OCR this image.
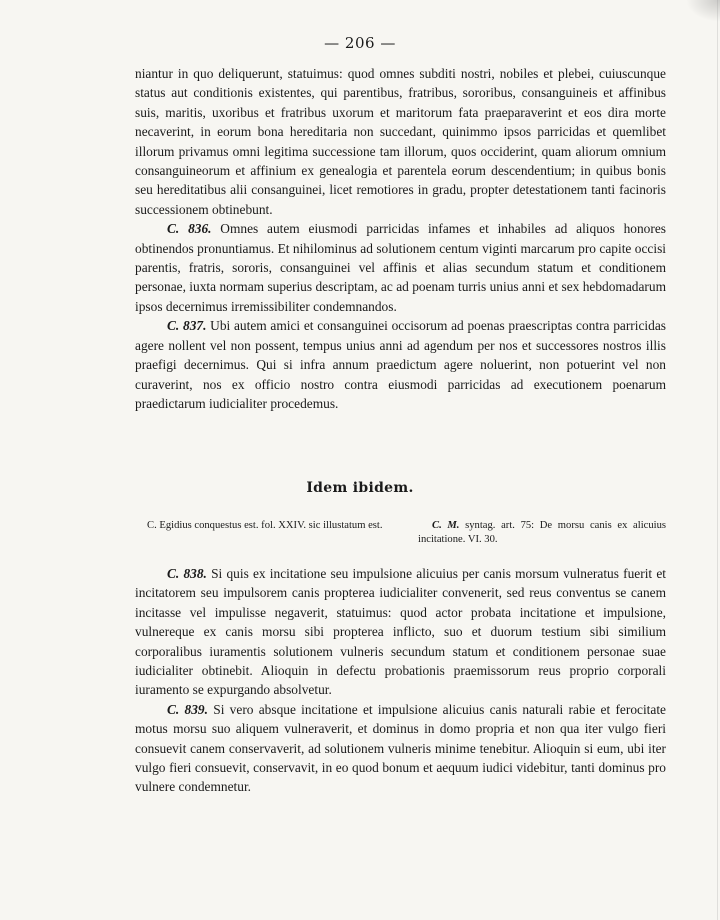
— 206 —

niantur in quo deliquerunt, statuimus: quod omnes subditi nostri, nobiles et plebei, cuiuscunque status aut conditionis existentes, qui parentibus, fratribus, sororibus, consanguineis et affinibus suis, maritis, uxoribus et fratribus uxorum et maritorum fata praeparaverint et eos dira morte necaverint, in eorum bona hereditaria non succedant, quinimmo ipsos parricidas et quemlibet illorum privamus omni legitima successione tam illorum, quos occiderint, quam aliorum omnium consanguineorum et affinium ex genealogia et parentela eorum descendentium; in quibus bonis seu hereditatibus alii consanguinei, licet remotiores in gradu, propter detestationem tanti facinoris successionem obtinebunt.

C. 836. Omnes autem eiusmodi parricidas infames et inhabiles ad aliquos honores obtinendos pronuntiamus. Et nihilominus ad solutionem centum viginti marcarum pro capite occisi parentis, fratris, sororis, consanguinei vel affinis et alias secundum statum et conditionem personae, iuxta normam superius descriptam, ac ad poenam turris unius anni et sex hebdomadarum ipsos decernimus irremissibiliter condemnandos.

C. 837. Ubi autem amici et consanguinei occisorum ad poenas praescriptas contra parricidas agere nollent vel non possent, tempus unius anni ad agendum per nos et successores nostros illis praefigi decernimus. Qui si infra annum praedictum agere noluerint, non potuerint vel non curaverint, nos ex officio nostro contra eiusmodi parricidas ad executionem poenarum praedictarum iudicialiter procedemus.

Idem ibidem.
C. Egidius conquestus est. fol. XXIV. sic illustatum est.	C. M. syntag. art. 75: De morsu canis ex alicuius incitatione. VI. 30.

C. 838. Si quis ex incitatione seu impulsione alicuius per canis morsum vulneratus fuerit et incitatorem seu impulsorem canis propterea iudicialiter convenerit, sed reus conventus se canem incitasse vel impulisse negaverit, statuimus: quod actor probata incitatione et impulsione, vulnereque ex canis morsu sibi propterea inflicto, suo et duorum testium sibi similium corporalibus iuramentis solutionem vulneris secundum statum et conditionem personae suae iudicialiter obtinebit. Alioquin in defectu probationis praemissorum reus proprio corporali iuramento se expurgando absolvetur.

C. 839. Si vero absque incitatione et impulsione alicuius canis naturali rabie et ferocitate motus morsu suo aliquem vulneraverit, et dominus in domo propria et non qua iter vulgo fieri consuevit canem conservaverit, ad solutionem vulneris minime tenebitur. Alioquin si eum, ubi iter vulgo fieri consuevit, conservavit, in eo quod bonum et aequum iudici videbitur, tanti dominus pro vulnere condemnetur.
